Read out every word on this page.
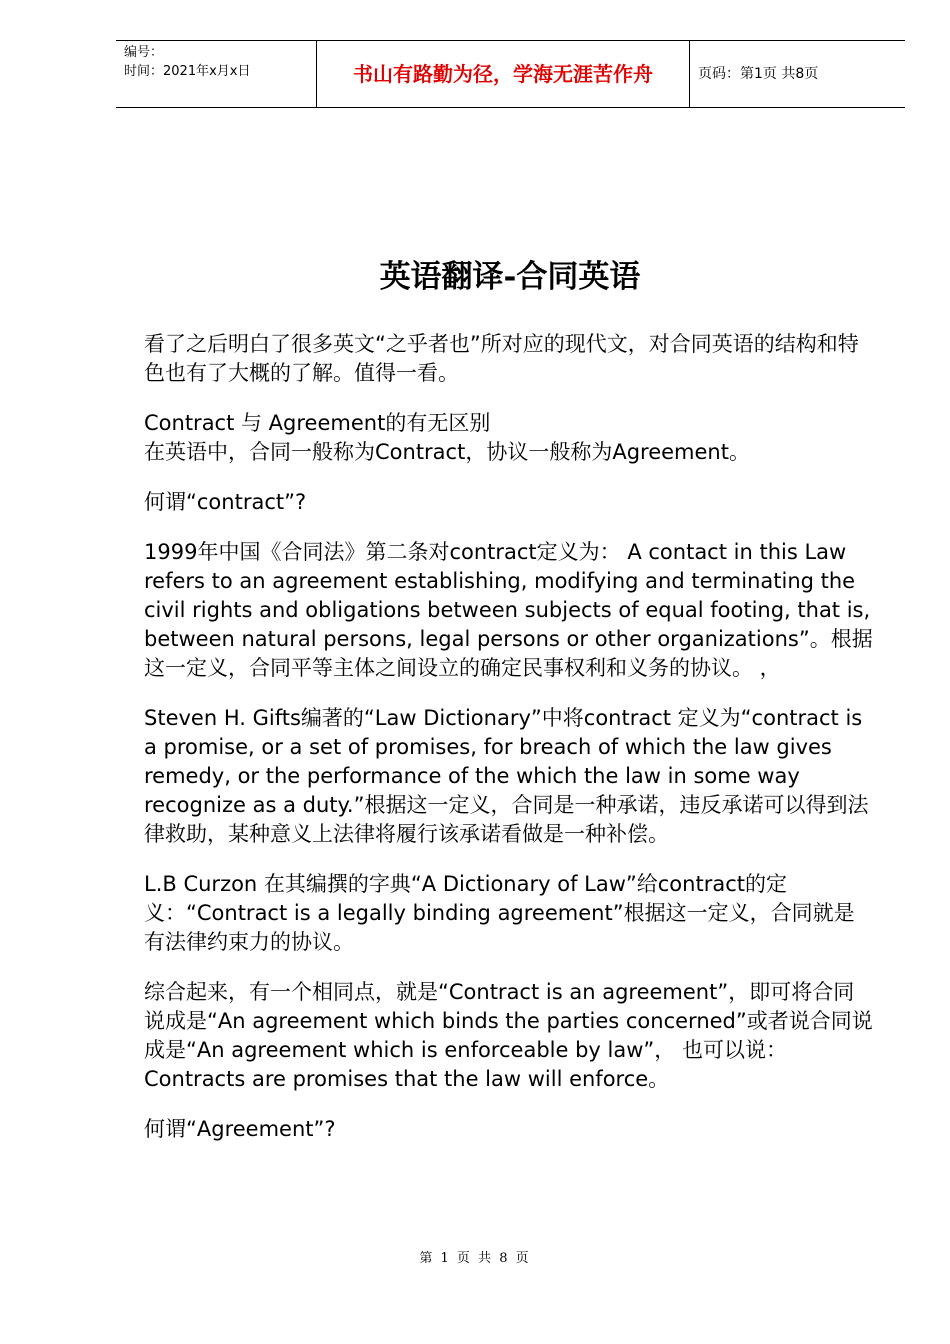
编号：
时间：2021年x月x日	书山有路勤为径，学海无涯苦作舟	页码：第1页 共8页
英语翻译-合同英语

看了之后明白了很多英文“之乎者也”所对应的现代文，对合同英语的结构和特色也有了大概的了解。值得一看。

Contract 与 Agreement的有无区别

在英语中，合同一般称为Contract，协议一般称为Agreement。

何谓“contract”?

1999年中国《合同法》第二条对contract定义为： A contact in this Law refers to an agreement establishing, modifying and terminating the civil rights and obligations between subjects of equal footing, that is, between natural persons, legal persons or other organizations”。根据这一定义，合同平等主体之间设立的确定民事权利和义务的协议。 ，

Steven H. Gifts编著的“Law Dictionary”中将contract 定义为“contract is a promise, or a set of promises, for breach of which the law gives remedy, or the performance of the which the law in some way recognize as a duty.”根据这一定义，合同是一种承诺，违反承诺可以得到法律救助，某种意义上法律将履行该承诺看做是一种补偿。

L.B Curzon 在其编撰的字典“A Dictionary of Law”给contract的定义：“Contract is a legally binding agreement”根据这一定义，合同就是有法律约束力的协议。

综合起来，有一个相同点，就是“Contract is an agreement”，即可将合同说成是“An agreement which binds the parties concerned”或者说合同说成是“An agreement which is enforceable by law”， 也可以说：Contracts are promises that the law will enforce。

何谓“Agreement”?

第 1 页 共 8 页
